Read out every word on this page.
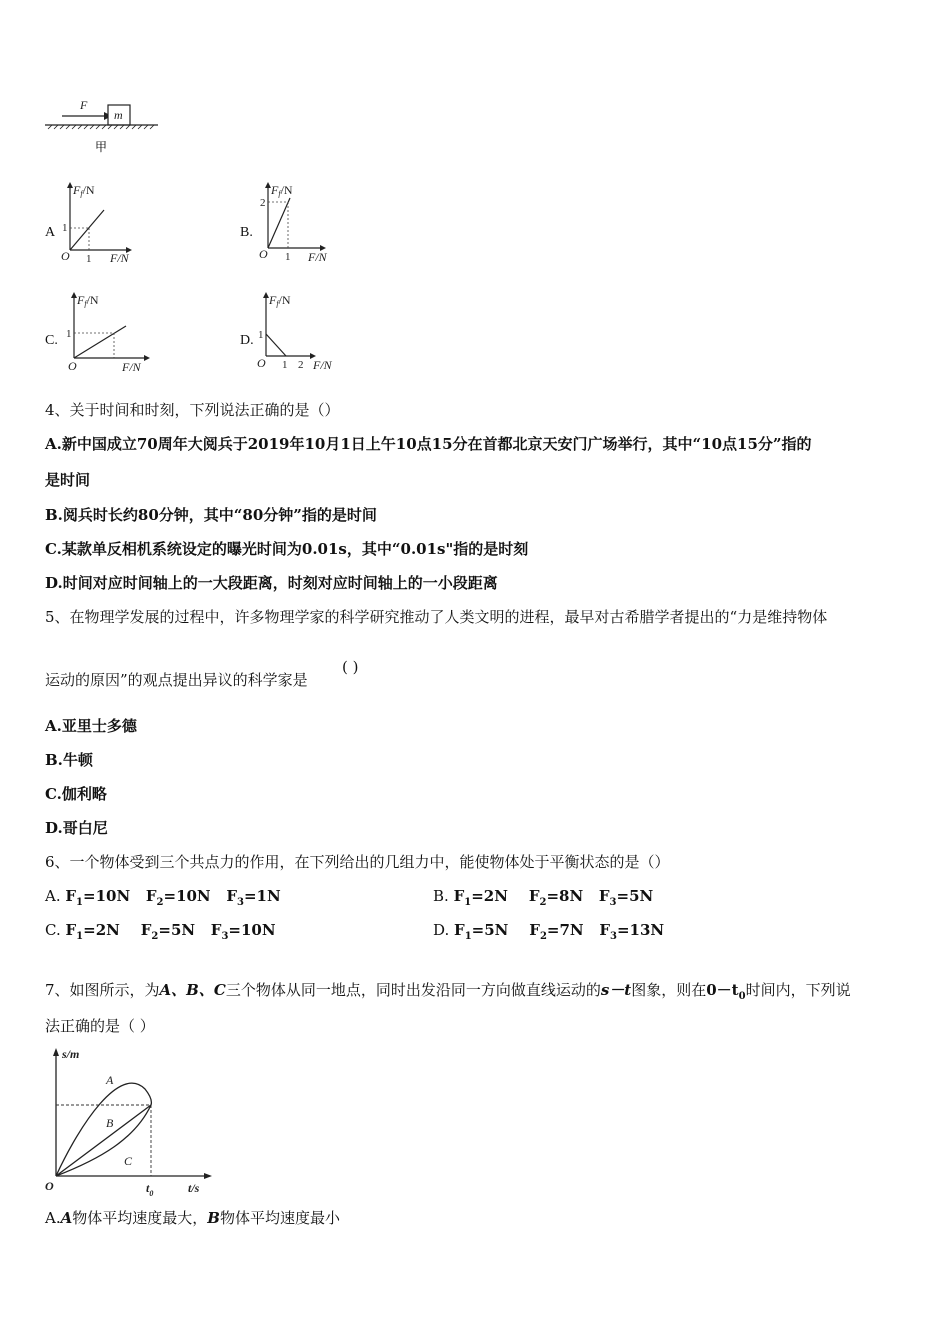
F
m
甲
A
Ff/N
1
1
O	F/N
B.
Ff/N
2
1
O	F/N
C.
Ff/N
1
O	F/N
D.
Ff/N
1
1 2
O	F/N
4、关于时间和时刻，下列说法正确的是（）
A.新中国成立70周年大阅兵于2019年10月1日上午10点15分在首都北京天安门广场举行，其中“10点15分”指的
是时间
B.阅兵时长约80分钟，其中“80分钟”指的是时间
C.某款单反相机系统设定的曝光时间为0.01s，其中“0.01s"指的是时刻
D.时间对应时间轴上的一大段距离，时刻对应时间轴上的一小段距离
5、在物理学发展的过程中，许多物理学家的科学研究推动了人类文明的进程，最早对古希腊学者提出的“力是维持物体
运动的原因”的观点提出异议的科学家是
( )
A.亚里士多德
B.牛顿
C.伽利略
D.哥白尼
6、一个物体受到三个共点力的作用，在下列给出的几组力中，能使物体处于平衡状态的是（）
A. $F_1=10N$ $F_2=10N$ $F_3=1N$	B. $F_1=2N$ $F_2=8N$ $F_3=5N$
C. $F_1=2N$ $F_2=5N$ $F_3=10N$	D. $F_1=5N$ $F_2=7N$ $F_3=13N$
7、如图所示，为A、B、C三个物体从同一地点，同时出发沿同一方向做直线运动的s－t图象，则在$0-t_0$时间内，下列说
法正确的是（ ）
s/m
t/s
O	$t_0$
A
B
C
A.A物体平均速度最大，B物体平均速度最小
